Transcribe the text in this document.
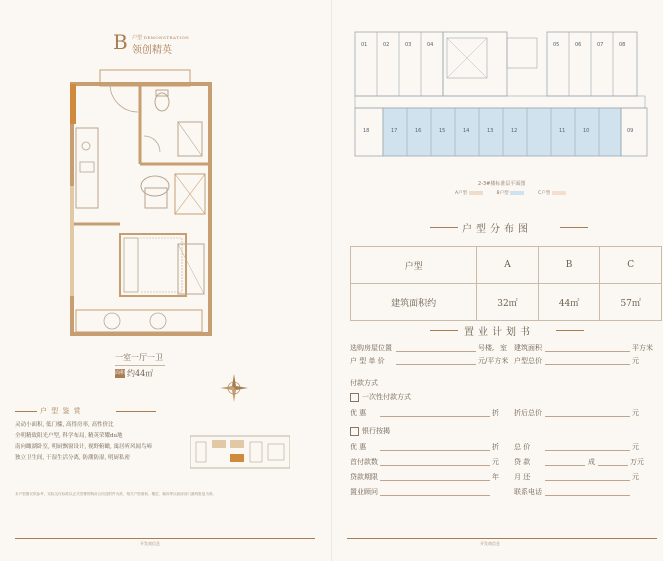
B 户型 DEMONSTRATION
领创精英
一室一厅一卫
面积 约44㎡
户 型 鉴 赏
灵动小面积, 低门槛, 高得房率, 高性价比
全明精致阳光户型, 科学布局, 精英荣耀du地
南向瞰湖卧室, 明厨飘窗设计, 视野俯瞰, 寓居听风闻鸟啼
独立卫生间, 干湿生活分离, 防潮防湿, 明厨私密
本户型图仅供参考，实际交付标准以正式签署的购房合同及附件为准，相关户型面积、楼层、朝向等以政府部门最终批复为准。
开发商信息
01	02	03	04	05	06	07	08
18	17	16	15	14	13	12	11	10	09
2-3#楼标准层平面图
A户型	B户型	C户型
户型分布图
户型	A	B	C
建筑面积约	32㎡	44㎡	57㎡
置业计划书
选购房屋位置	号楼, 室 建筑面积	平方米
户 型 单 价	元/平方米 户型总价	元
付款方式
一次性付款方式
优 惠	折 折后总价	元
银行按揭
优 惠	折 总 价	元
首付款数	元 贷 款	成	万元
贷款期限	年 月 还	元
置业顾问	联系电话
开发商信息
